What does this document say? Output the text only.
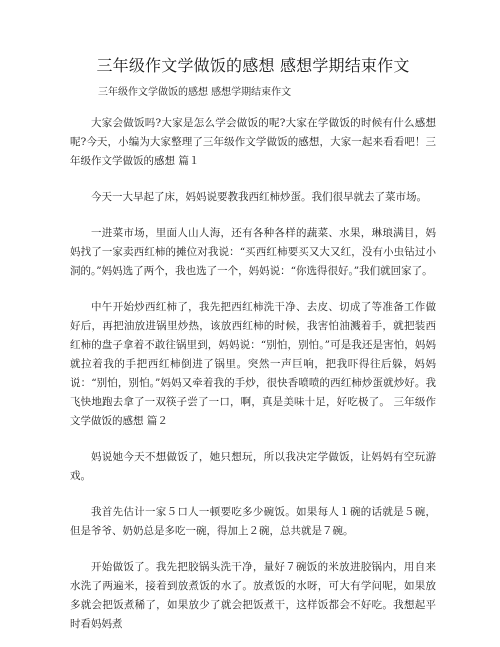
三年级作文学做饭的感想 感想学期结束作文
三年级作文学做饭的感想 感想学期结束作文

大家会做饭吗?大家是怎么学会做饭的呢?大家在学做饭的时候有什么感想呢?今天，小编为大家整理了三年级作文学做饭的感想，大家一起来看看吧！三年级作文学做饭的感想 篇１

今天一大早起了床，妈妈说要教我西红柿炒蛋。我们很早就去了菜市场。

一进菜市场，里面人山人海，还有各种各样的蔬菜、水果，琳琅满目，妈妈找了一家卖西红柿的摊位对我说：“买西红柿要买又大又红，没有小虫钻过小洞的。”妈妈选了两个，我也选了一个，妈妈说：“你选得很好。”我们就回家了。

中午开始炒西红柿了，我先把西红柿洗干净、去皮、切成了等准备工作做好后，再把油放进锅里炒热，该放西红柿的时候，我害怕油溅着手，就把装西红柿的盘子拿着不敢往锅里到，妈妈说：“别怕，别怕。”可是我还是害怕，妈妈就拉着我的手把西红柿倒进了锅里。突然一声巨响，把我吓得往后躲，妈妈说：“别怕，别怕。”妈妈又牵着我的手炒，很快香喷喷的西红柿炒蛋就炒好。我飞快地跑去拿了一双筷子尝了一口，啊，真是美味十足，好吃极了。 三年级作文学做饭的感想 篇２

妈说她今天不想做饭了，她只想玩，所以我决定学做饭，让妈妈有空玩游戏。

我首先估计一家５口人一顿要吃多少碗饭。如果每人１碗的话就是５碗，但是爷爷、奶奶总是多吃一碗，得加上２碗，总共就是７碗。

开始做饭了。我先把胶锅头洗干净，量好７碗饭的米放进胶锅内，用自来水洗了两遍米，接着到放煮饭的水了。放煮饭的水呀，可大有学问呢，如果放多就会把饭煮稀了，如果放少了就会把饭煮干，这样饭都会不好吃。我想起平时看妈妈煮
